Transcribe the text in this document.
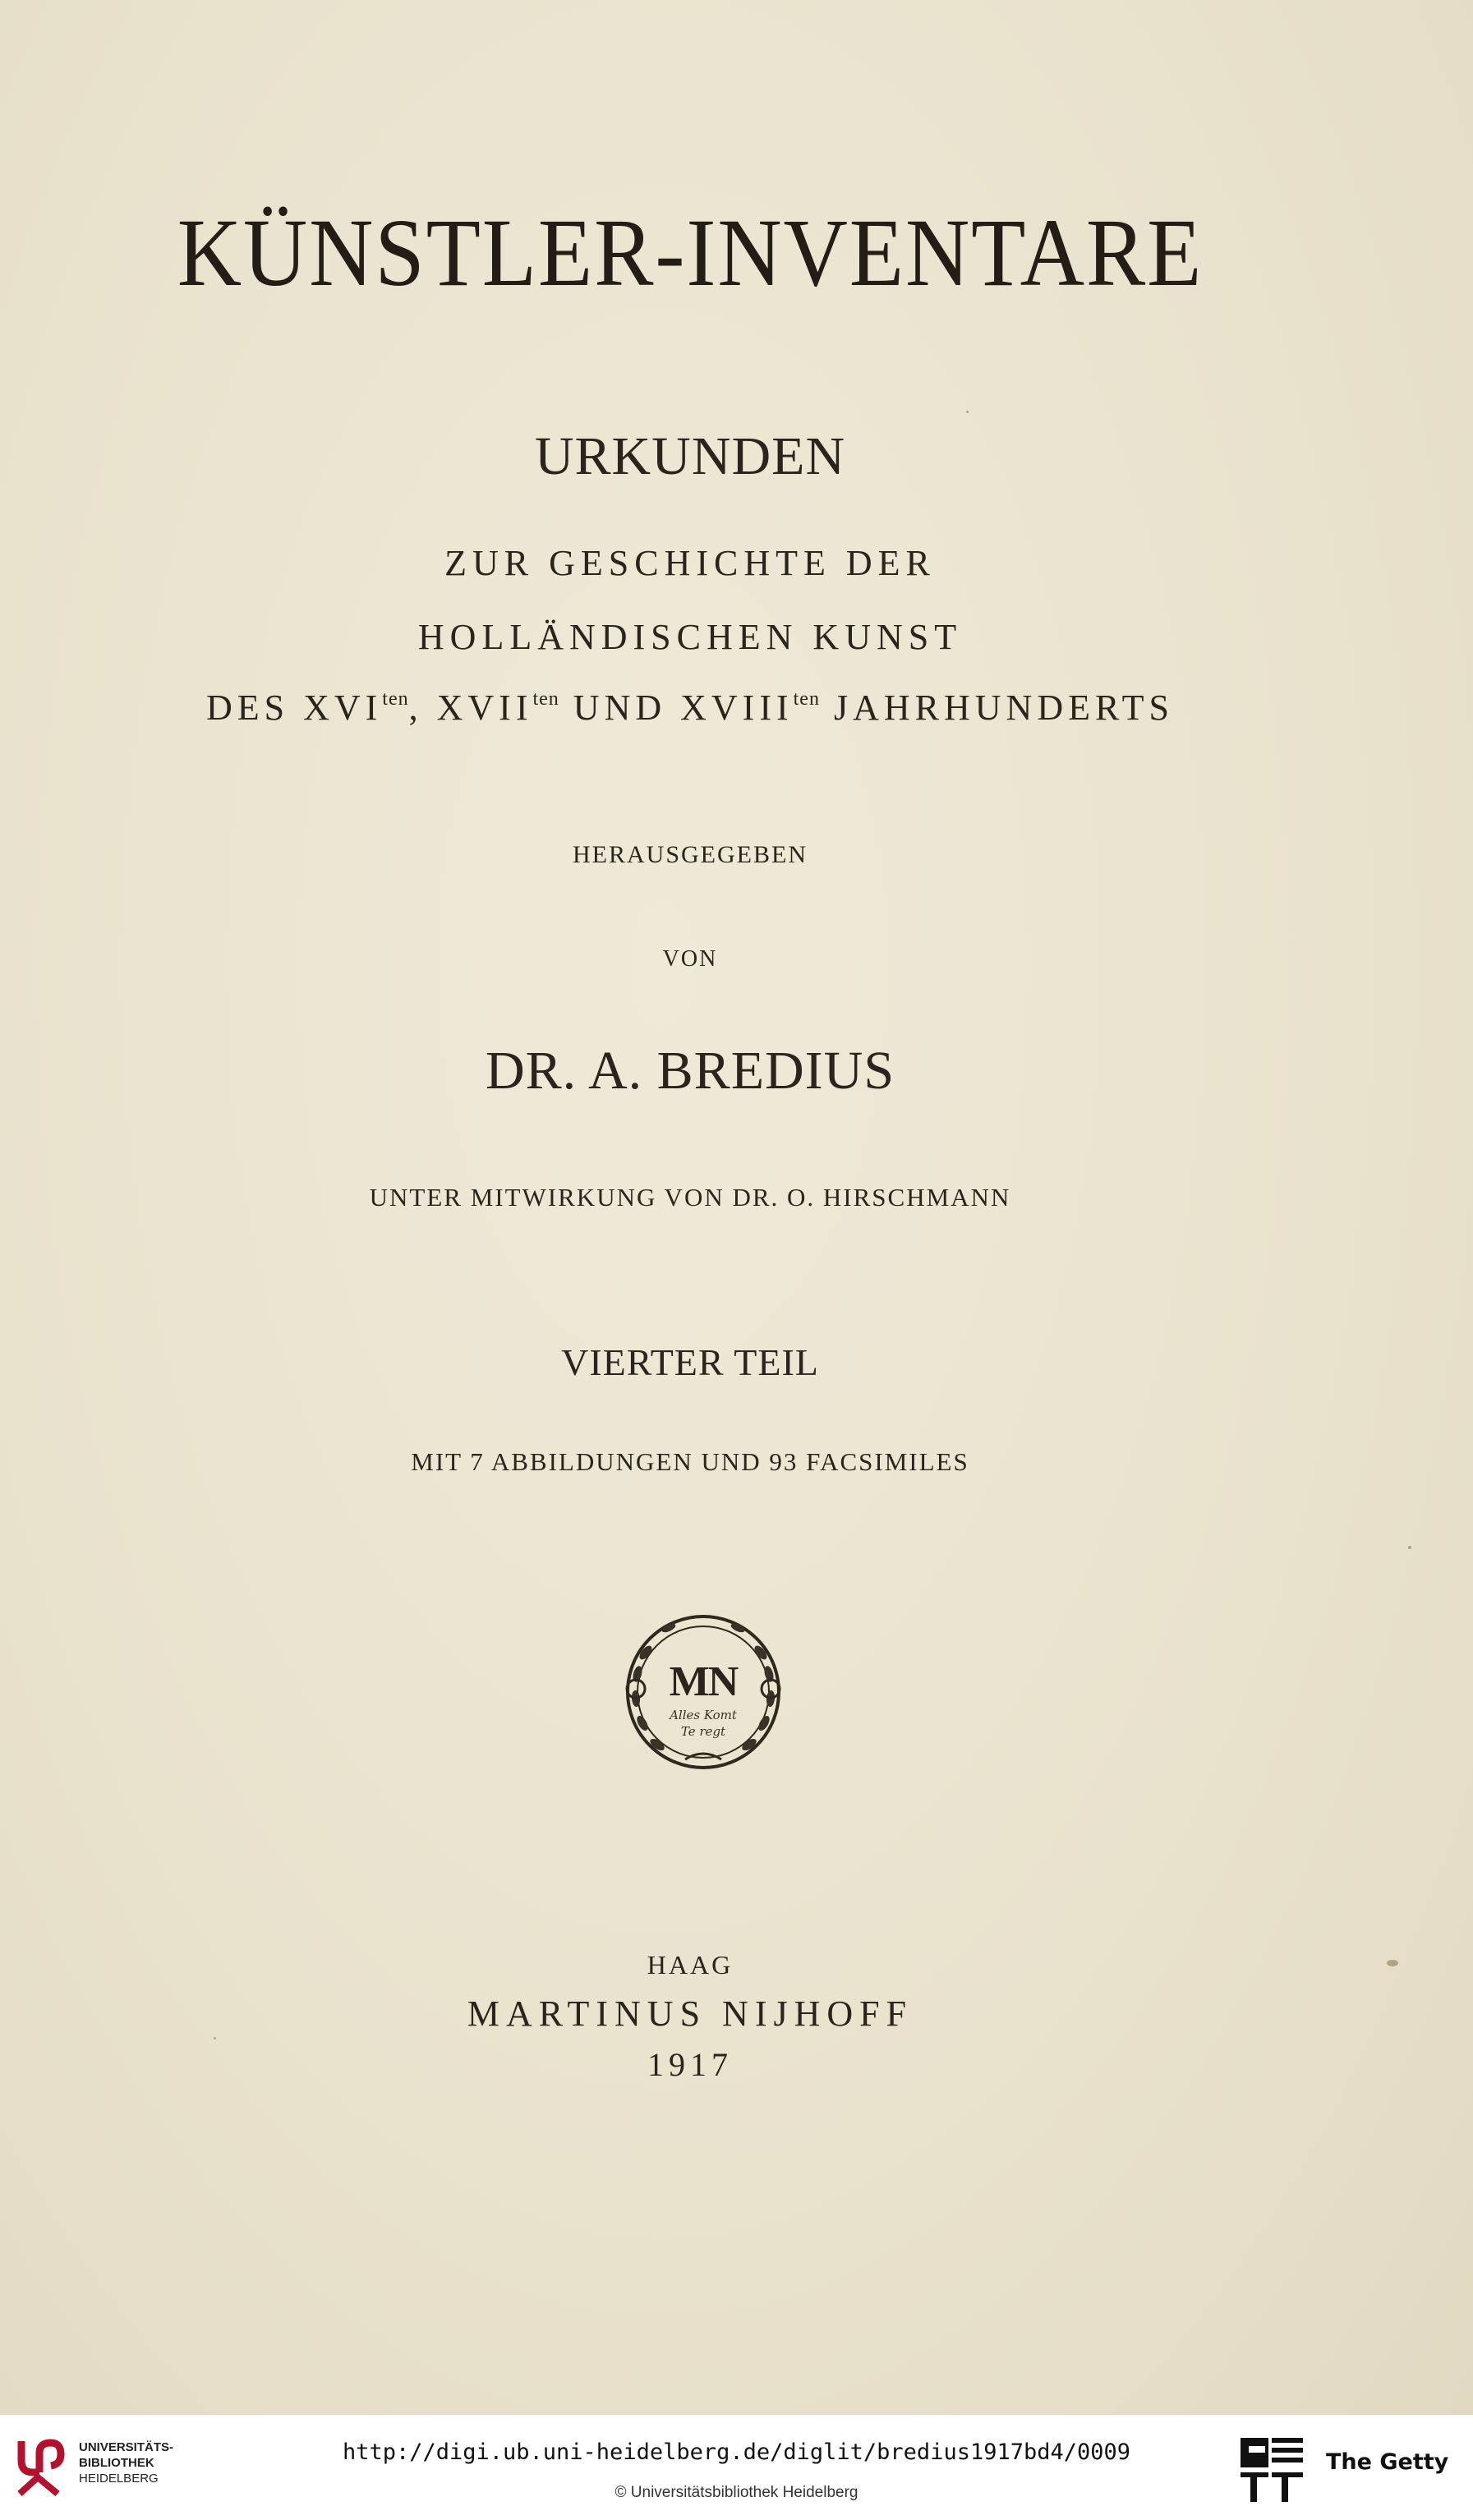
KÜNSTLER-INVENTARE
URKUNDEN
ZUR GESCHICHTE DER
HOLLÄNDISCHEN KUNST
DES $XVI^{ten}$, $XVII^{ten}$ UND $XVIII^{ten}$ JAHRHUNDERTS
HERAUSGEGEBEN
VON
DR. A. BREDIUS
UNTER MITWIRKUNG VON DR. O. HIRSCHMANN
VIERTER TEIL
MIT 7 ABBILDUNGEN UND 93 FACSIMILES
MN
Alles Komt
Te regt
HAAG
MARTINUS NIJHOFF
1917
UNIVERSITÄTS-
BIBLIOTHEK
HEIDELBERG
http://digi.ub.uni-heidelberg.de/diglit/bredius1917bd4/0009
© Universitätsbibliothek Heidelberg
The Getty
